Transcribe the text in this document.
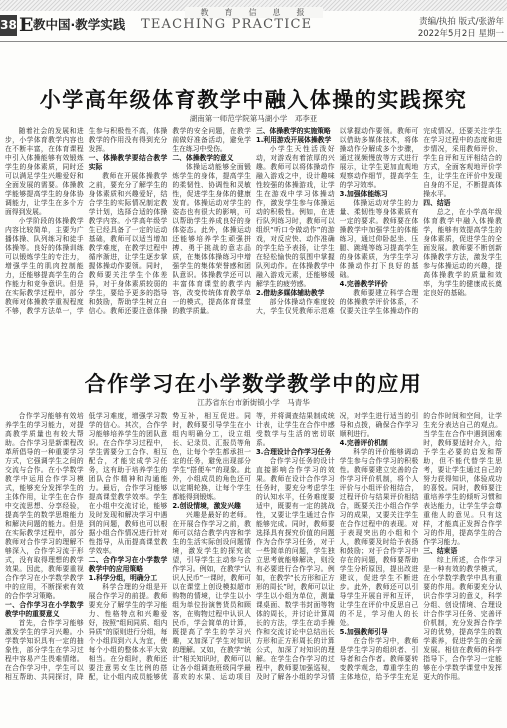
教育信息报
38 E 教中国·教学实践 TEACHING PRACTICE	责编/执拍 版式/张游年
2022年5月2日 星期一
小学高年级体育教学中融入体操的实践探究
湖南第一师范学院第马湖小学　邓李亚

随着社会的发展和进步，小学体育教学内容也在不断丰富，在体育课程中引入体操能够有效锻炼学生的身体素质，同时还可以满足学生兴趣爱好和全面发展的需要。体操教学能够提高学生的身体协调能力，让学生在多个方面得到发展。

小学阶段的体操教学内容比较简单，主要为广播体操、队列练习和徒手体操等。良好的体操训练可以锻炼学生的专注力，增强学生的肌肉控制能力，还能够提高学生的合作能力和竞争意识。但是在实际教学过程中，部分教师对体操教学重视程度不够，教学方法单一，学生参与积极性不高，体操教学的作用没有得到充分发挥。

一、体操教学要结合教学实际

教师在开展体操教学之前，要充分了解学生的身体素质和兴趣爱好，结合学生的实际情况制定教学计划，选择合适的体操教学内容。小学高年级学生已经具备了一定的运动基础，教师可以适当增加教学难度，在教学过程中循序渐进，让学生逐步掌握体操动作要领。同时，教师要关注学生个体差异，对于身体素质较弱的学生，要给予更多的指导和鼓励，帮助学生树立自信心。教师还要注意体操教学的安全问题，在教学前做好准备活动，避免学生在练习中受伤。

二、体操教学的意义

体操运动能够全面锻炼学生的身体，提高学生的柔韧性、协调性和灵敏性，促进学生身体的健康发育。体操运动对学生的姿态也有很大的影响，可以帮助学生养成良好的身体姿态。此外，体操运动还能够培养学生顽强拼搏、勇于挑战的意志品质，在集体体操练习中增强学生的集体荣誉感和团队意识。体操教学还可以丰富体育课堂的教学内容，改变传统体育教学单一的模式，提高体育课堂的教学质量。

三、体操教学的实施策略
1.利用游戏开展体操教学

小学生天性活泼好动，对游戏有着浓厚的兴趣。教师可以将体操动作融入游戏之中，设计趣味性较强的体操游戏，让学生在游戏中学习体操动作，激发学生参与体操运动的积极性。例如，在进行队列练习时，教师可以组织“听口令做动作”的游戏，对反应快、动作准确的学生给予表扬，让学生在轻松愉快的氛围中掌握队列动作。在体操教学中融入游戏元素，还能够缓解学生的疲劳感。

2.借助多媒体辅助教学

部分体操动作难度较大，学生仅凭教师示范难以掌握动作要领。教师可以借助多媒体技术，将体操动作分解成多个步骤，通过视频慢放等方式进行展示，让学生更加直观地观察动作细节，提高学生的学习效率。

3.加强体能练习

体操运动对学生的力量、柔韧性等身体素质有一定的要求。教师要在体操教学中加强学生的体能练习，通过仰卧起坐、压腿、跳绳等练习提高学生的身体素质，为学生学习体操动作打下良好的基础。

4.完善教学评价

教师要建立科学合理的体操教学评价体系，不仅要关注学生体操动作的完成情况，还要关注学生在学习过程中的态度和进步情况，采用教师评价、学生自评和互评相结合的方式，全面客观地评价学生，让学生在评价中发现自身的不足，不断提高体操水平。

四、结语

总之，在小学高年级体育教学中融入体操教学，能够有效提高学生的身体素质，促进学生的全面发展。教师要不断创新体操教学方法，激发学生参与体操运动的兴趣，提高体操教学的质量和效率，为学生的健康成长奠定良好的基础。

合作学习在小学数学教学中的应用
江苏省东台市新街镇小学　马青华

合作学习能够有效培养学生的学习能力，对提高教学质量也有较大帮助。合作学习是新课程改革所倡导的一种重要学习方式，它强调学生之间的交流与合作。在小学数学教学中运用合作学习模式，能够充分发挥学生的主体作用，让学生在合作中交流思想、分享经验，提高学生的数学思维能力和解决问题的能力。但是在实际教学过程中，部分教师对合作学习的理解不够深入，合作学习流于形式，没有取得理想的教学效果。因此，教师要重视合作学习在小学数学教学中的应用，不断探索有效的合作学习策略。

一、合作学习在小学数学教学中的重要意义

首先，合作学习能够激发学生的学习兴趣。小学数学知识具有一定的抽象性，部分学生在学习过程中容易产生畏难情绪。在合作学习中，学生可以相互帮助、共同探讨，降低学习难度，增强学习数学的信心。其次，合作学习能够培养学生的团队意识。在合作学习过程中，学生需要分工合作、相互配合，才能完成学习任务，这有助于培养学生的团队合作精神和沟通能力。最后，合作学习能够提高课堂教学效率。学生在小组中交流讨论，能够及时发现和解决学习中遇到的问题，教师也可以根据小组合作情况进行针对性指导，从而提高课堂教学效率。

二、合作学习在小学数学教学中的应用策略
1.科学分组，明确分工

科学合理的分组是开展合作学习的前提。教师要充分了解学生的学习能力、性格特点和兴趣爱好，按照“组间同质、组内异质”的原则进行分组，每个小组四到六人为宜，使每个小组的整体水平大致相当。在分组时，教师还要注意男女生比例的搭配，让小组内成员能够优势互补，相互促进。同时，教师要引导学生在小组内明确分工，设立组长、记录员、汇报员等角色，让每个学生都承担一定的任务，避免出现部分学生“搭便车”的现象。此外，小组成员的角色还可以定期轮换，让每个学生都能得到锻炼。

2.创设情境，激发兴趣

兴趣是最好的老师。在开展合作学习之前，教师可以结合教学内容和学生的生活实际创设问题情境，激发学生的探究欲望，引导学生主动参与合作学习。例如，在教学“认识人民币”一课时，教师可以在课堂上创设模拟超市购物的情境，让学生以小组为单位扮演售货员和顾客，在购物过程中认识人民币，学会简单的计算，既提高了学生的学习兴趣，又加深了学生对知识的理解。又如，在教学“统计”相关知识时，教师可以让各小组调查班级同学最喜欢的水果、运动项目等，并将调查结果制成统计表，让学生在合作中感受数学与生活的密切联系。

3.合理设计合作学习任务

合作学习任务的设计直接影响合作学习的效果。教师在设计合作学习任务时，要充分考虑学生的认知水平，任务难度要适中，既要有一定的挑战性，又要让学生通过合作能够完成。同时，教师要选择具有探究价值的问题作为合作学习任务，对于一些简单的问题，学生独立思考就能够解决，则没有必要进行合作学习。例如，在教学“长方形和正方形的周长”时，教师可以让学生以小组为单位，测量课桌面、数学书封面等物体的周长，并讨论计算周长的方法，学生在动手操作和交流讨论中总结出长方形和正方形周长的计算公式，加深了对知识的理解。在学生合作学习的过程中，教师要加强巡视，及时了解各小组的学习情况，对学生进行适当的引导和点拨，确保合作学习顺利进行。

4.完善评价机制

科学的评价能够调动学生参与合作学习的积极性。教师要建立完善的合作学习评价机制，将个人评价与小组评价相结合，过程评价与结果评价相结合，既要关注小组合作学习的成果，又要关注学生在合作过程中的表现。对于表现突出的小组和个人，教师要及时给予表扬和鼓励；对于合作学习中存在的问题，教师要帮助学生分析原因，提出改进建议，促进学生不断进步。此外，教师还可以引导学生开展自评和互评，让学生在评价中反思自己的不足，学习他人的长处。

5.加强教师引导

在合作学习中，教师是学生学习的组织者、引导者和合作者。教师要转变教学观念，尊重学生的主体地位，给予学生充足的合作时间和空间，让学生充分表达自己的观点。当学生在合作中遇到困难时，教师要适时介入，给予学生必要的启发和帮助，但不能代替学生思考，要让学生通过自己的努力获得知识，体验成功的喜悦。同时，教师要注重培养学生的倾听习惯和表达能力，让学生学会尊重他人的意见。只有这样，才能真正发挥合作学习的作用，提高学生的合作学习能力。

三、结束语

综上所述，合作学习是一种有效的教学模式，在小学数学教学中具有重要的作用。教师要充分认识合作学习的意义，科学分组、创设情境、合理设计合作学习任务、完善评价机制，充分发挥合作学习的优势，提高学生的数学素养，促进学生的全面发展。相信在教师的科学指导下，合作学习一定能够在小学数学课堂中发挥更大的作用。
